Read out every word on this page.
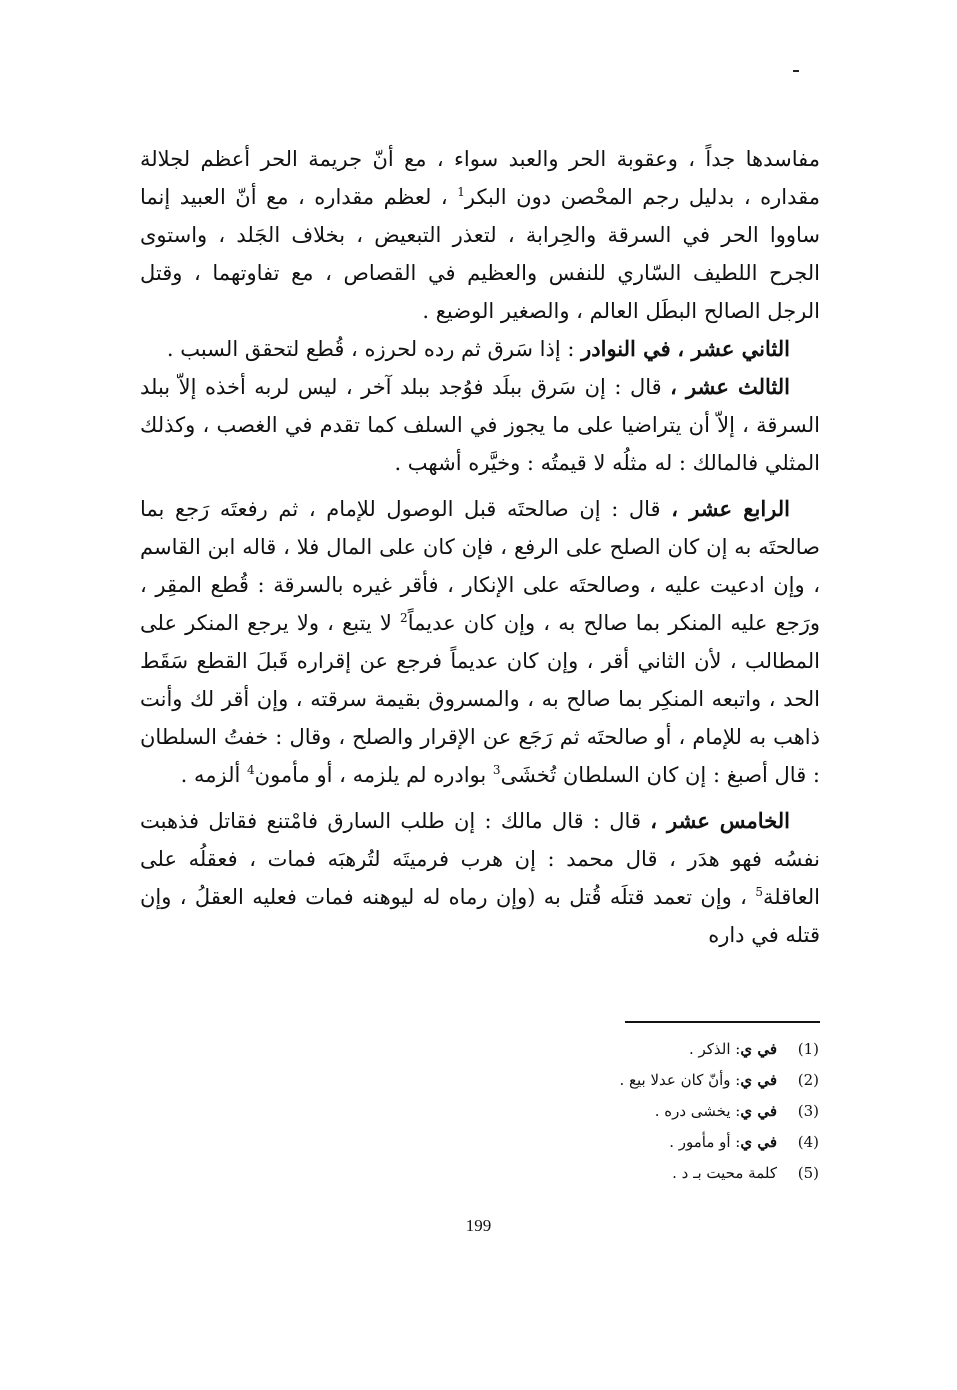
مفاسدها جداً ، وعقوبة الحر والعبد سواء ، مع أنّ جريمة الحر أعظم لجلالة مقداره ، بدليل رجم المحْصن دون البكر$^1$ ، لعظم مقداره ، مع أنّ العبيد إنما ساووا الحر في السرقة والحِرابة ، لتعذر التبعيض ، بخلاف الجَلد ، واستوى الجرح اللطيف السّاري للنفس والعظيم في القصاص ، مع تفاوتهما ، وقتل الرجل الصالح البطَل العالم ، والصغير الوضيع .

الثاني عشر ، في النوادر : إذا سَرق ثم رده لحرزه ، قُطع لتحقق السبب .

الثالث عشر ، قال : إن سَرق ببلَد فوُجد ببلد آخر ، ليس لربه أخذه إلاّ ببلد السرقة ، إلاّ أن يتراضيا على ما يجوز في السلف كما تقدم في الغصب ، وكذلك المثلي فالمالك : له مثلُه لا قيمتُه : وخيَّره أشهب .

الرابع عشر ، قال : إن صالحتَه قبل الوصول للإمام ، ثم رفعتَه رَجع بما صالحتَه به إن كان الصلح على الرفع ، فإن كان على المال فلا ، قاله ابن القاسم ، وإن ادعيت عليه ، وصالحتَه على الإنكار ، فأقر غيره بالسرقة : قُطع المقِر ، ورَجع عليه المنكر بما صالح به ، وإن كان عديماً$^2$ لا يتبع ، ولا يرجع المنكر على المطالب ، لأن الثاني أقر ، وإن كان عديماً فرجع عن إقراره قَبلَ القطع سَقَط الحد ، واتبعه المنكِر بما صالح به ، والمسروق بقيمة سرقته ، وإن أقر لك وأنت ذاهب به للإمام ، أو صالحتَه ثم رَجَع عن الإقرار والصلح ، وقال : خفتُ السلطان : قال أصبغ : إن كان السلطان تُخشَى$^3$ بوادره لم يلزمه ، أو مأمون$^4$ ألزمه .

الخامس عشر ، قال : قال مالك : إن طلب السارق فامْتنع فقاتل فذهبت نفسُه فهو هدَر ، قال محمد : إن هرب فرميتَه لتُرهبَه فمات ، فعقلُه على العاقلة$^5$ ، وإن تعمد قتلَه قُتل به (وإن رماه له ليوهنه فمات فعليه العقلُ ، وإن قتله في داره

(1)
في ي
: الذكر .
(2)
في ي
: وأنّ كان عدلا بيع .
(3)
في ي
: يخشى دره .
(4)
في ي
: أو مأمور .
(5)
كلمة محيت بـ د .
199
